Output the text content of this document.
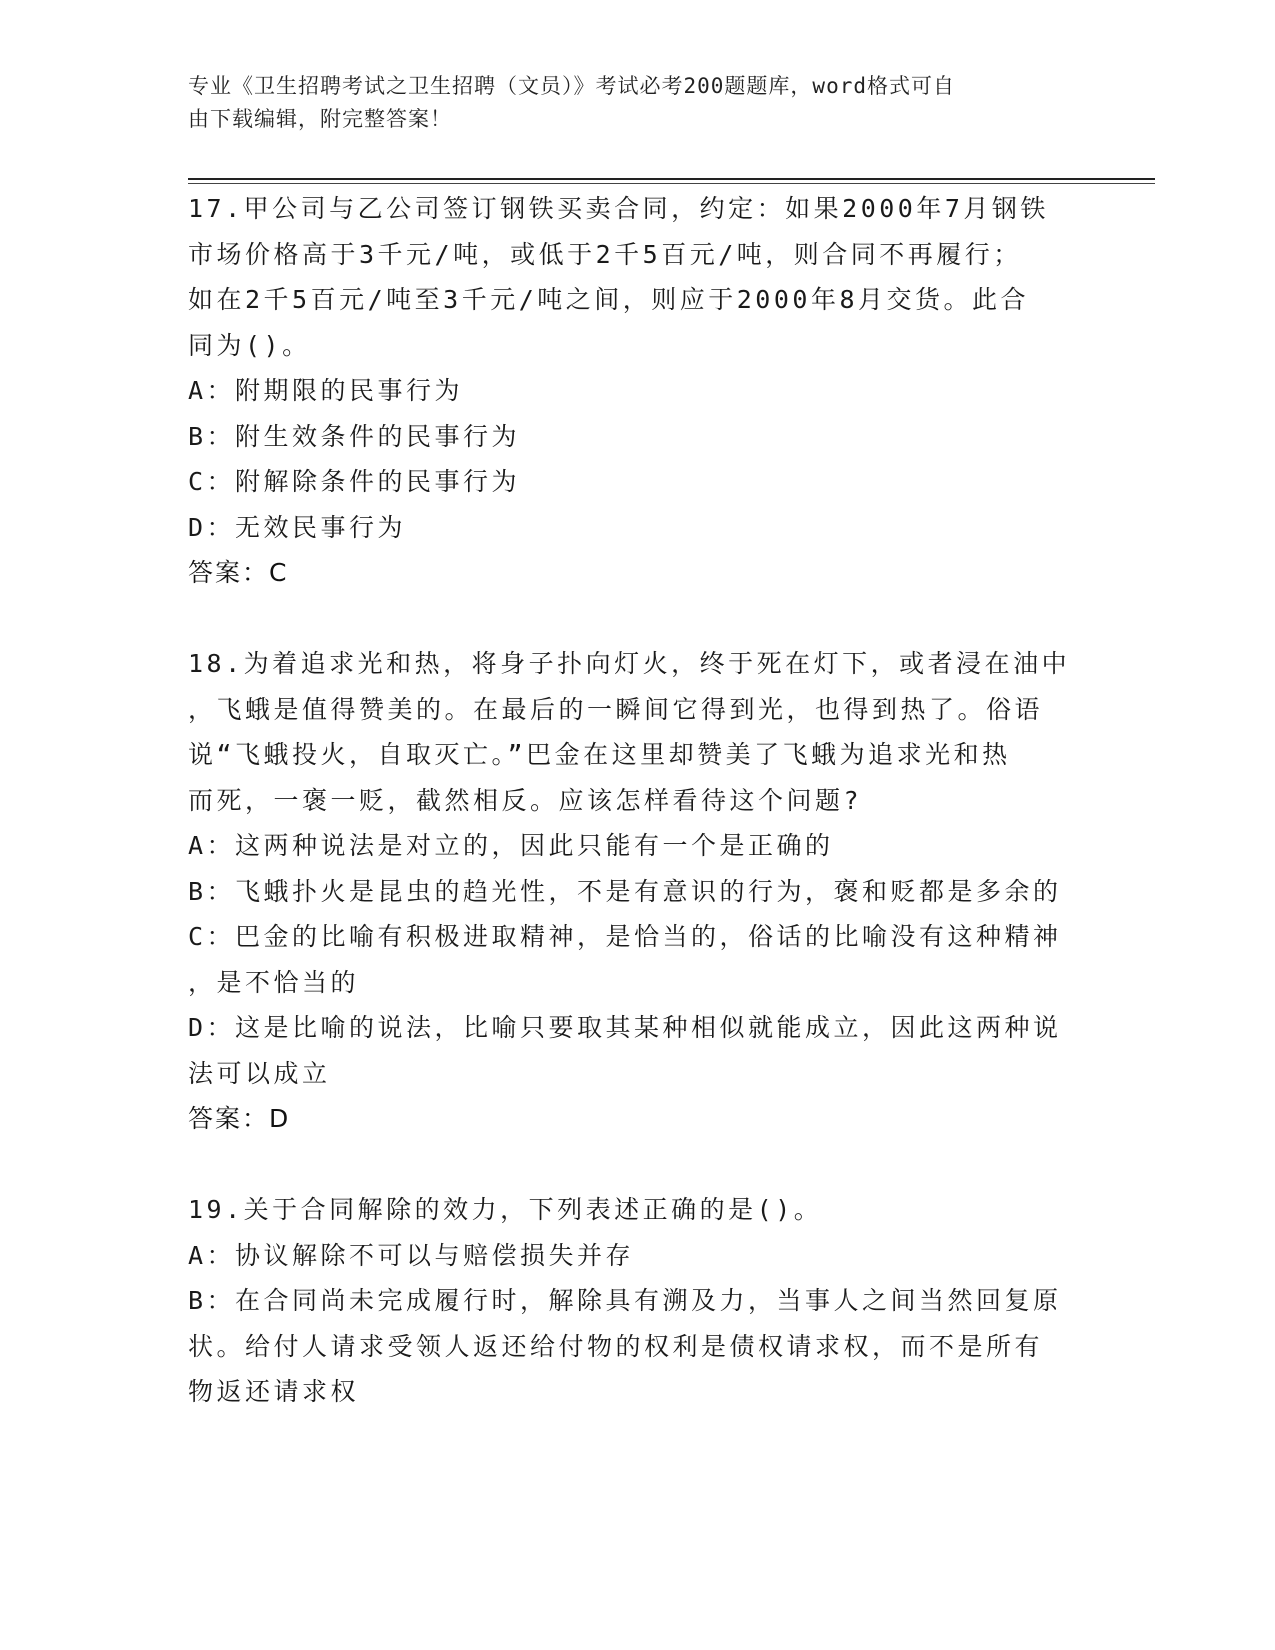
专业《卫生招聘考试之卫生招聘（文员）》考试必考200题题库，word格式可自
由下载编辑，附完整答案！
17.甲公司与乙公司签订钢铁买卖合同，约定：如果2000年7月钢铁
市场价格高于3千元/吨，或低于2千5百元/吨，则合同不再履行；
如在2千5百元/吨至3千元/吨之间，则应于2000年8月交货。此合
同为()。
A：附期限的民事行为
B：附生效条件的民事行为
C：附解除条件的民事行为
D：无效民事行为
答案：C
18.为着追求光和热，将身子扑向灯火，终于死在灯下，或者浸在油中
，飞蛾是值得赞美的。在最后的一瞬间它得到光，也得到热了。俗语
说“飞蛾投火，自取灭亡。”巴金在这里却赞美了飞蛾为追求光和热
而死，一褒一贬，截然相反。应该怎样看待这个问题?
A：这两种说法是对立的，因此只能有一个是正确的
B：飞蛾扑火是昆虫的趋光性，不是有意识的行为，褒和贬都是多余的
C：巴金的比喻有积极进取精神，是恰当的，俗话的比喻没有这种精神
，是不恰当的
D：这是比喻的说法，比喻只要取其某种相似就能成立，因此这两种说
法可以成立
答案：D
19.关于合同解除的效力，下列表述正确的是()。
A：协议解除不可以与赔偿损失并存
B：在合同尚未完成履行时，解除具有溯及力，当事人之间当然回复原
状。给付人请求受领人返还给付物的权利是债权请求权，而不是所有
物返还请求权
